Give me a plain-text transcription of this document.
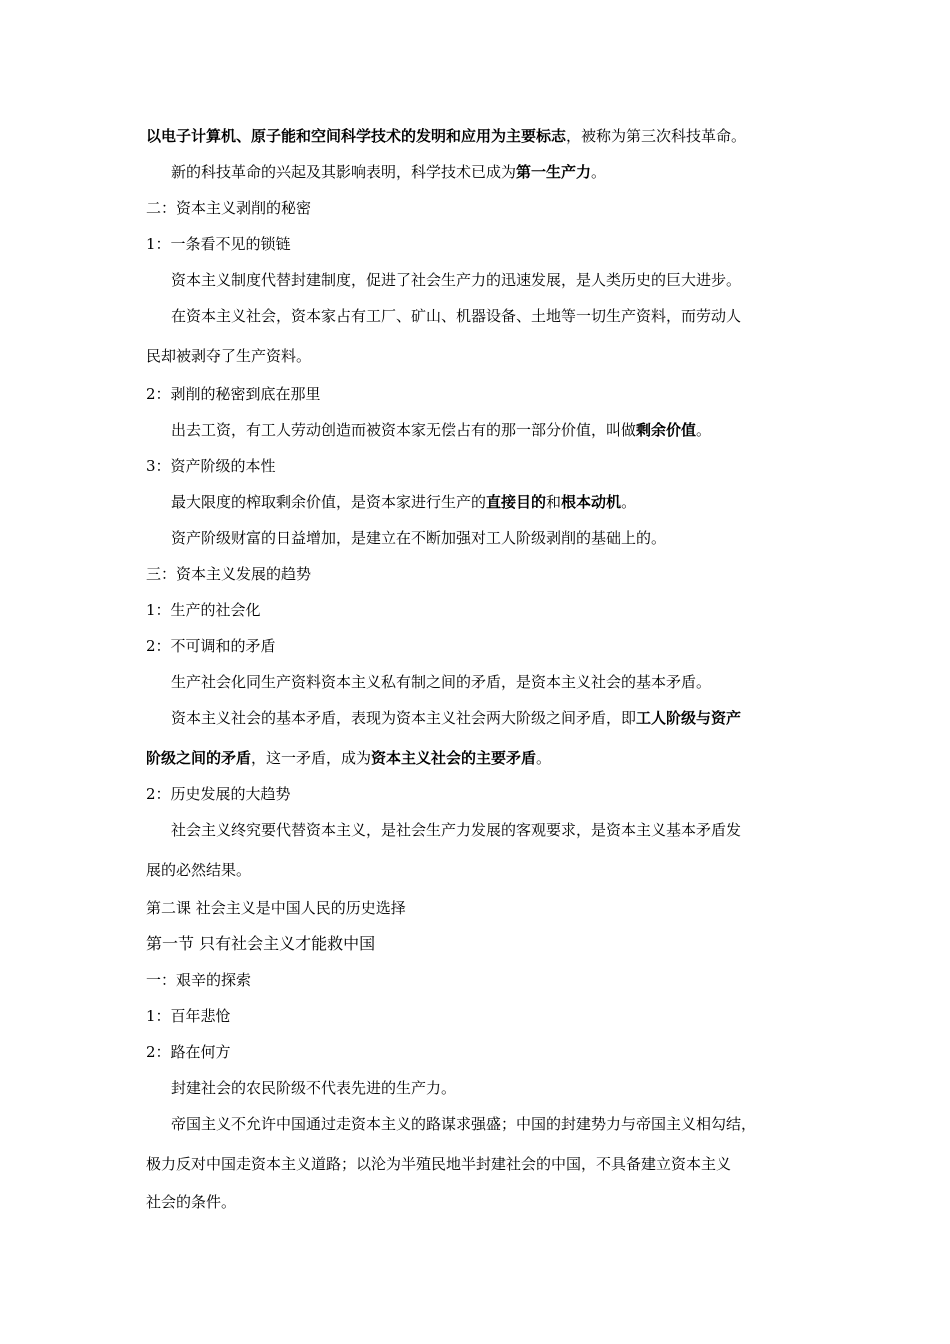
以电子计算机、原子能和空间科学技术的发明和应用为主要标志，被称为第三次科技革命。
新的科技革命的兴起及其影响表明，科学技术已成为第一生产力。
二：资本主义剥削的秘密
1：一条看不见的锁链
资本主义制度代替封建制度，促进了社会生产力的迅速发展，是人类历史的巨大进步。
在资本主义社会，资本家占有工厂、矿山、机器设备、土地等一切生产资料，而劳动人
民却被剥夺了生产资料。
2：剥削的秘密到底在那里
出去工资，有工人劳动创造而被资本家无偿占有的那一部分价值，叫做剩余价值。
3：资产阶级的本性
最大限度的榨取剩余价值，是资本家进行生产的直接目的和根本动机。
资产阶级财富的日益增加，是建立在不断加强对工人阶级剥削的基础上的。
三：资本主义发展的趋势
1：生产的社会化
2：不可调和的矛盾
生产社会化同生产资料资本主义私有制之间的矛盾，是资本主义社会的基本矛盾。
资本主义社会的基本矛盾，表现为资本主义社会两大阶级之间矛盾，即工人阶级与资产
阶级之间的矛盾，这一矛盾，成为资本主义社会的主要矛盾。
2：历史发展的大趋势
社会主义终究要代替资本主义，是社会生产力发展的客观要求，是资本主义基本矛盾发
展的必然结果。
第二课 社会主义是中国人民的历史选择
第一节 只有社会主义才能救中国
一：艰辛的探索
1：百年悲怆
2：路在何方
封建社会的农民阶级不代表先进的生产力。
帝国主义不允许中国通过走资本主义的路谋求强盛；中国的封建势力与帝国主义相勾结，
极力反对中国走资本主义道路；以沦为半殖民地半封建社会的中国，不具备建立资本主义
社会的条件。
